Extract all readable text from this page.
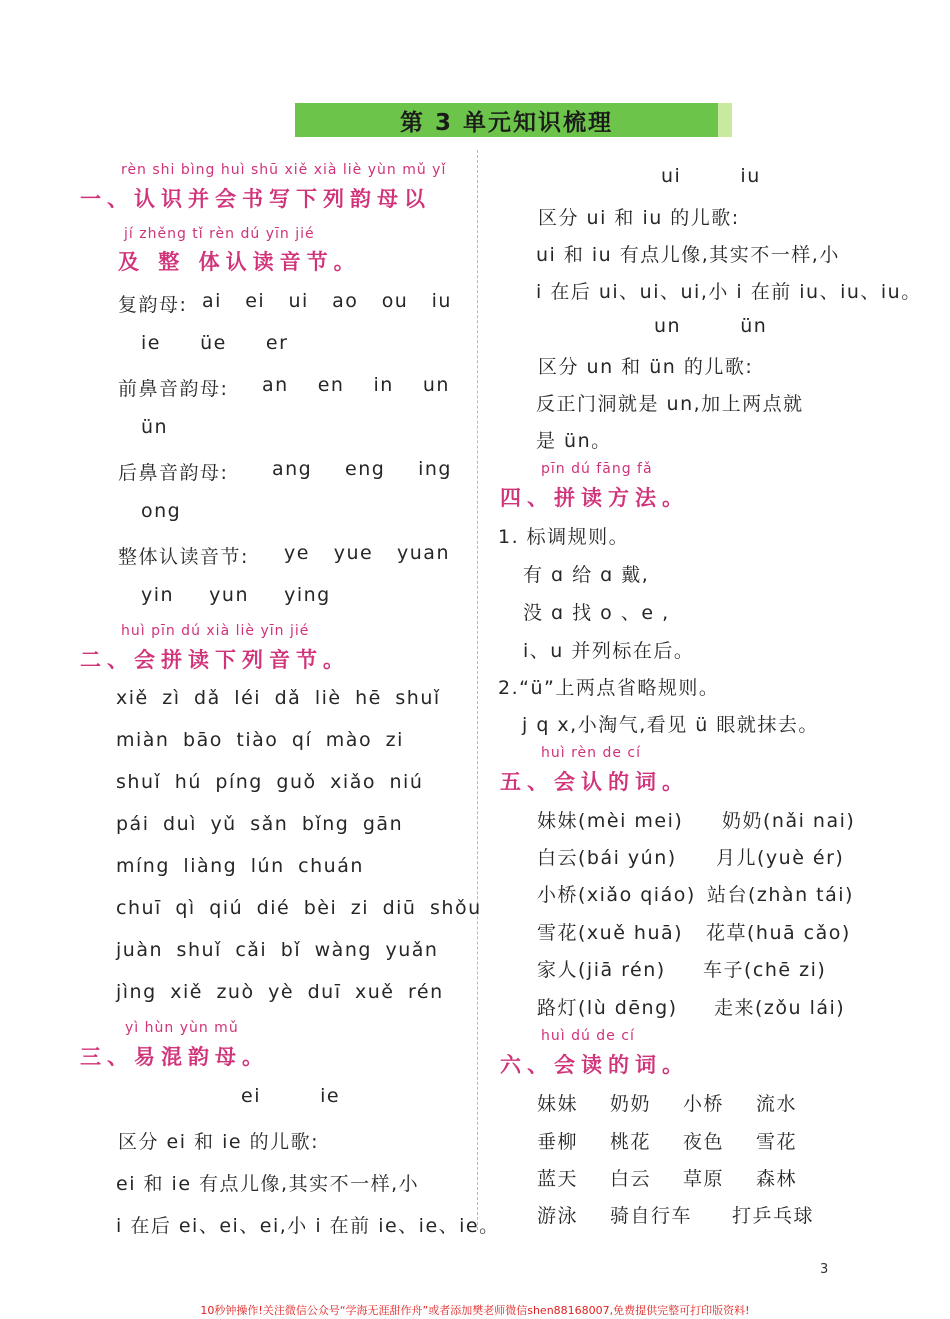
第 3 单元知识梳理
rèn shi bìng huì shū xiě xià liè yùn mǔ yǐ
一、认识并会书写下列韵母以
jí zhěng tǐ rèn dú yīn jié
及 整 体认读音节。
复韵母: ai ei ui ao ou iu
ie üe er
前鼻音韵母: an en in un
ün
后鼻音韵母: ang eng ing
ong
整体认读音节: ye yue yuan
yin yun ying
huì pīn dú xià liè yīn jié
二、会拼读下列音节。
xiě zì dǎ léi dǎ liè hē shuǐ
miàn bāo tiào qí mào zi
shuǐ hú píng guǒ xiǎo niú
pái duì yǔ sǎn bǐng gān
míng liàng lún chuán
chuī qì qiú dié bèi zi diū shǒu
juàn shuǐ cǎi bǐ wàng yuǎn
jìng xiě zuò yè duī xuě rén
yì hùn yùn mǔ
三、易混韵母。
ei	ie
区分 ei 和 ie 的儿歌:
ei 和 ie 有点儿像,其实不一样,小
i 在后 ei、ei、ei,小 i 在前 ie、ie、ie。
ui	iu
区分 ui 和 iu 的儿歌:
ui 和 iu 有点儿像,其实不一样,小
i 在后 ui、ui、ui,小 i 在前 iu、iu、iu。
un	ün
区分 un 和 ün 的儿歌:
反正门洞就是 un,加上两点就
是 ün。
pīn dú fāng fǎ
四、拼读方法。
1. 标调规则。
有 ɑ 给 ɑ 戴,
没 ɑ 找 o 、e ,
i、u 并列标在后。
2.“ü”上两点省略规则。
j q x,小淘气,看见 ü 眼就抹去。
huì rèn de cí
五、会认的词。
妹妹(mèi mei) 奶奶(nǎi nai)
白云(bái yún) 月儿(yuè ér)
小桥(xiǎo qiáo) 站台(zhàn tái)
雪花(xuě huā) 花草(huā cǎo)
家人(jiā rén) 车子(chē zi)
路灯(lù dēng) 走来(zǒu lái)
huì dú de cí
六、会读的词。
妹妹 奶奶 小桥 流水
垂柳 桃花 夜色 雪花
蓝天 白云 草原 森林
游泳 骑自行车 打乒乓球
3
10秒钟操作!关注微信公众号“学海无涯甜作舟”或者添加樊老师微信shen88168007,免费提供完整可打印版资料!
